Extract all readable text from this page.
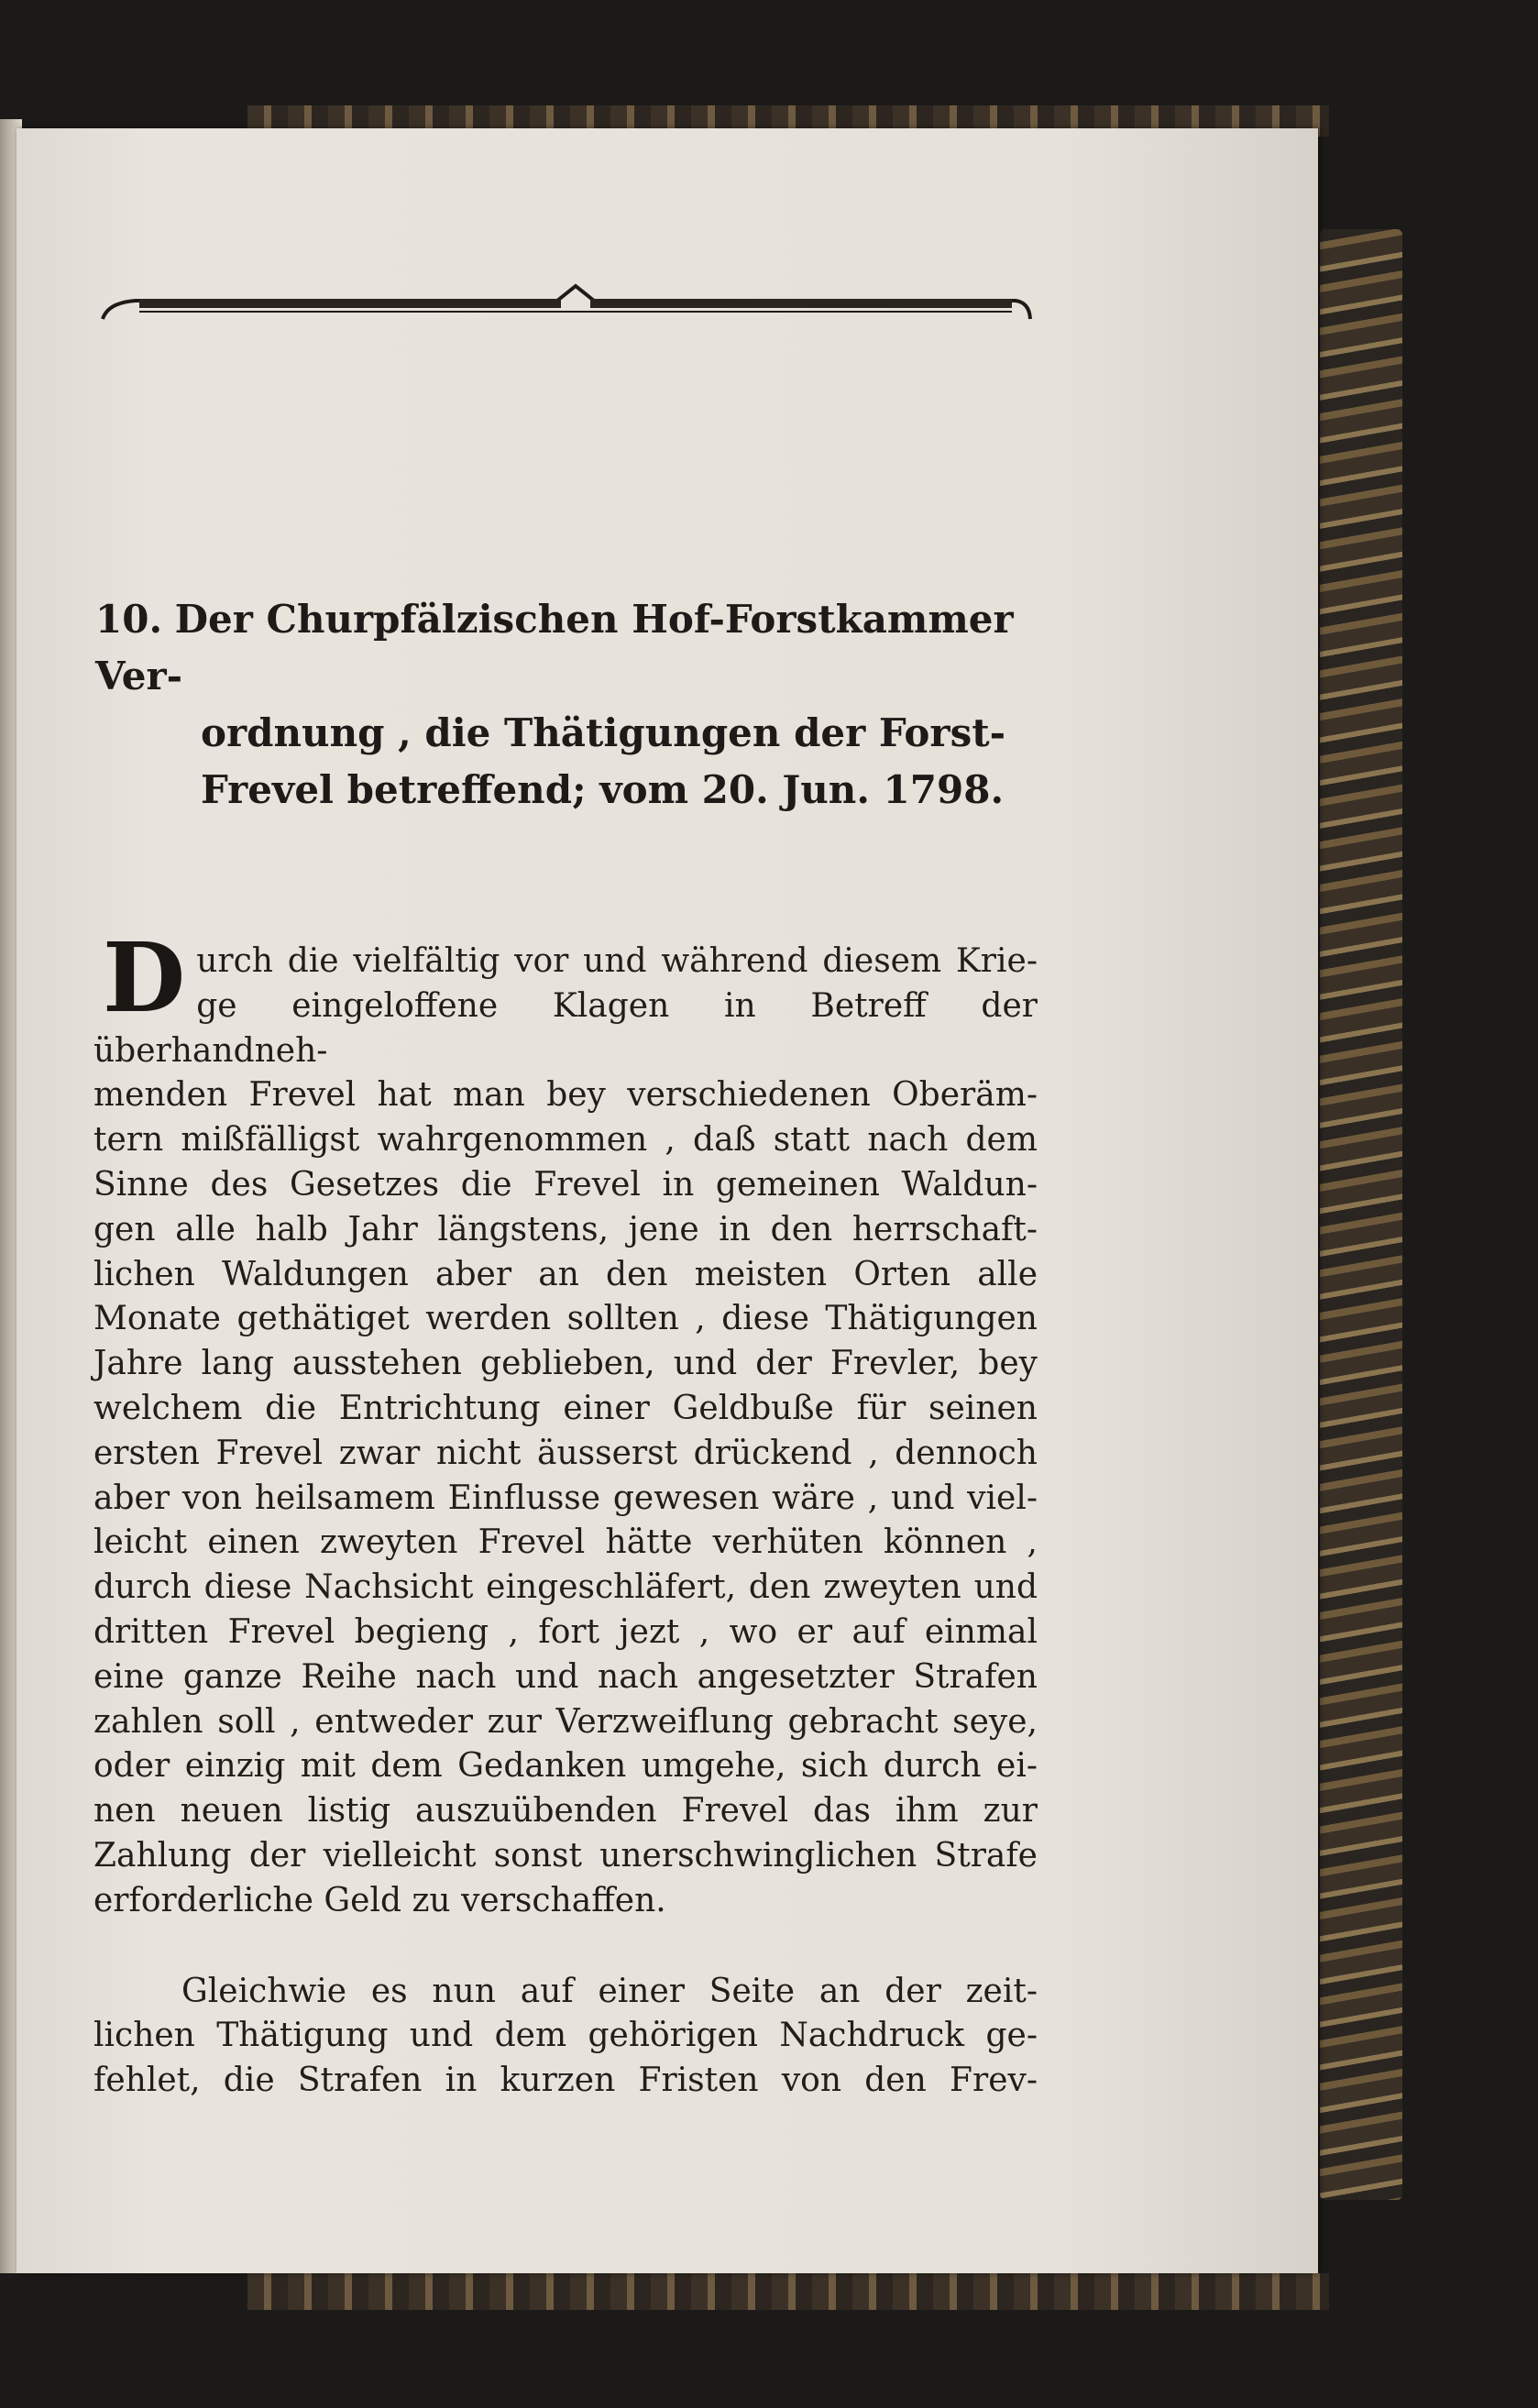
10. Der Churpfälzischen Hof-Forstkammer Ver-
ordnung , die Thätigungen der Forst-
Frevel betreffend; vom 20. Jun. 1798.
D urch die vielfältig vor und während diesem Krie-
ge eingeloffene Klagen in Betreff der überhandneh-
menden Frevel hat man bey verschiedenen Oberäm-
tern mißfälligst wahrgenommen , daß statt nach dem
Sinne des Gesetzes die Frevel in gemeinen Waldun-
gen alle halb Jahr längstens, jene in den herrschaft-
lichen Waldungen aber an den meisten Orten alle
Monate gethätiget werden sollten , diese Thätigungen
Jahre lang ausstehen geblieben, und der Frevler, bey
welchem die Entrichtung einer Geldbuße für seinen
ersten Frevel zwar nicht äusserst drückend , dennoch
aber von heilsamem Einflusse gewesen wäre , und viel-
leicht einen zweyten Frevel hätte verhüten können ,
durch diese Nachsicht eingeschläfert, den zweyten und
dritten Frevel begieng , fort jezt , wo er auf einmal
eine ganze Reihe nach und nach angesetzter Strafen
zahlen soll , entweder zur Verzweiflung gebracht seye,
oder einzig mit dem Gedanken umgehe, sich durch ei-
nen neuen listig auszuübenden Frevel das ihm zur
Zahlung der vielleicht sonst unerschwinglichen Strafe
erforderliche Geld zu verschaffen.
Gleichwie es nun auf einer Seite an der zeit-
lichen Thätigung und dem gehörigen Nachdruck ge-
fehlet, die Strafen in kurzen Fristen von den Frev-
